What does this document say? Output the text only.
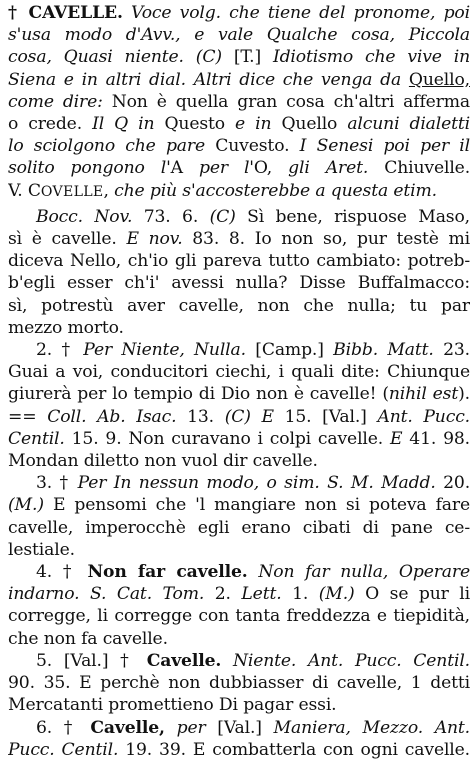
† CAVELLE. Voce volg. che tiene del pronome, poi
s'usa modo d'Avv., e vale Qualche cosa, Piccola
cosa, Quasi niente. (C) [T.] Idiotismo che vive in
Siena e in altri dial. Altri dice che venga da Quello,
come dire: Non è quella gran cosa ch'altri afferma
o crede. Il Q in Questo e in Quello alcuni dialetti
lo sciolgono che pare Cuvesto. I Senesi poi per il
solito pongono l'A per l'O, gli Aret. Chiuvelle.
V. COVELLE, che più s'accosterebbe a questa etim.
Bocc. Nov. 73. 6. (C) Sì bene, rispuose Maso,
sì è cavelle. E nov. 83. 8. Io non so, pur testè mi
diceva Nello, ch'io gli pareva tutto cambiato: potreb-
b'egli esser ch'i' avessi nulla? Disse Buffalmacco:
sì, potrestù aver cavelle, non che nulla; tu par
mezzo morto.
2. † Per Niente, Nulla. [Camp.] Bibb. Matt. 23.
Guai a voi, conducitori ciechi, i quali dite: Chiunque
giurerà per lo tempio di Dio non è cavelle! (nihil est).
== Coll. Ab. Isac. 13. (C) E 15. [Val.] Ant. Pucc.
Centil. 15. 9. Non curavano i colpi cavelle. E 41. 98.
Mondan diletto non vuol dir cavelle.
3. † Per In nessun modo, o sim. S. M. Madd. 20.
(M.) E pensomi che 'l mangiare non si poteva fare
cavelle, imperocchè egli erano cibati di pane ce-
lestiale.
4. † Non far cavelle. Non far nulla, Operare
indarno. S. Cat. Tom. 2. Lett. 1. (M.) O se pur li
corregge, li corregge con tanta freddezza e tiepidità,
che non fa cavelle.
5. [Val.] † Cavelle. Niente. Ant. Pucc. Centil.
90. 35. E perchè non dubbiasser di cavelle, 1 detti
Mercatanti promettieno Di pagar essi.
6. † Cavelle, per [Val.] Maniera, Mezzo. Ant.
Pucc. Centil. 19. 39. E combatterla con ogni cavelle.
